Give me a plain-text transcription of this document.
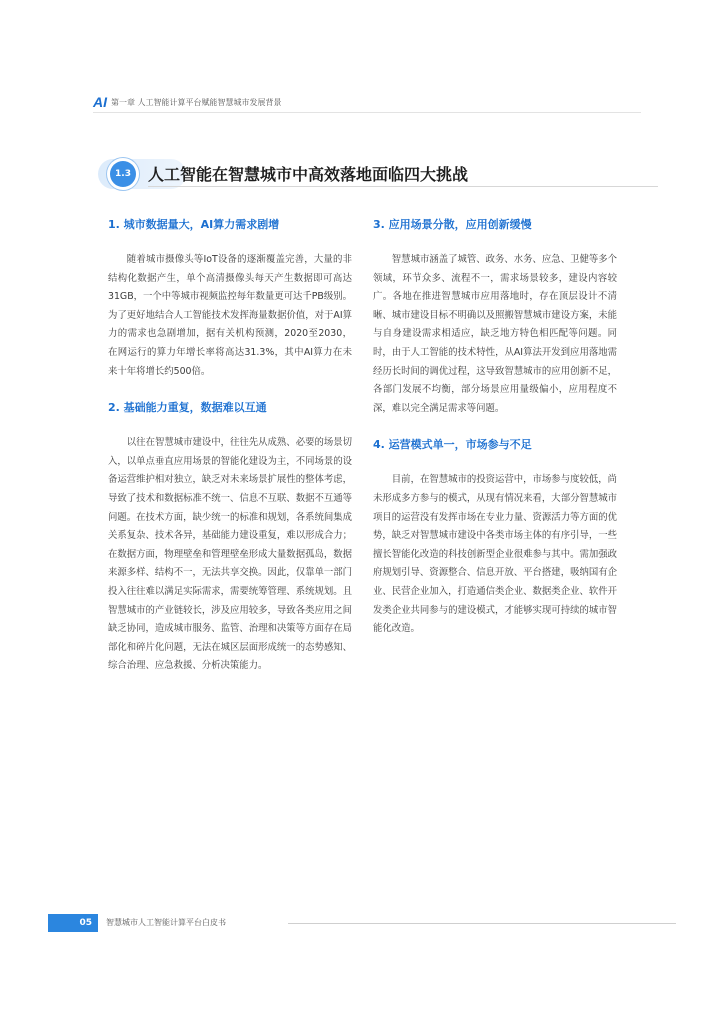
AI 第一章 人工智能计算平台赋能智慧城市发展背景
1.3	人工智能在智慧城市中高效落地面临四大挑战
1. 城市数据量大，AI算力需求剧增

随着城市摄像头等IoT设备的逐渐覆盖完善，大量的非结构化数据产生，单个高清摄像头每天产生数据即可高达31GB，一个中等城市视频监控每年数量更可达千PB级别。为了更好地结合人工智能技术发挥海量数据价值，对于AI算力的需求也急剧增加，据有关机构预测，2020至2030，在网运行的算力年增长率将高达31.3%，其中AI算力在未来十年将增长约500倍。

2. 基础能力重复，数据难以互通

以往在智慧城市建设中，往往先从成熟、必要的场景切入，以单点垂直应用场景的智能化建设为主，不同场景的设备运营维护相对独立，缺乏对未来场景扩展性的整体考虑，导致了技术和数据标准不统一、信息不互联、数据不互通等问题。在技术方面，缺少统一的标准和规划，各系统间集成关系复杂、技术各异，基础能力建设重复，难以形成合力；在数据方面，物理壁垒和管理壁垒形成大量数据孤岛，数据来源多样、结构不一，无法共享交换。因此，仅靠单一部门投入往往难以满足实际需求，需要统筹管理、系统规划。且智慧城市的产业链较长，涉及应用较多，导致各类应用之间缺乏协同，造成城市服务、监管、治理和决策等方面存在局部化和碎片化问题，无法在城区层面形成统一的态势感知、综合治理、应急救援、分析决策能力。

3. 应用场景分散，应用创新缓慢

智慧城市涵盖了城管、政务、水务、应急、卫健等多个领域，环节众多、流程不一，需求场景较多，建设内容较广。各地在推进智慧城市应用落地时，存在顶层设计不清晰、城市建设目标不明确以及照搬智慧城市建设方案，未能与自身建设需求相适应，缺乏地方特色相匹配等问题。同时，由于人工智能的技术特性，从AI算法开发到应用落地需经历长时间的调优过程，这导致智慧城市的应用创新不足，各部门发展不均衡，部分场景应用量级偏小，应用程度不深，难以完全满足需求等问题。

4. 运营模式单一，市场参与不足

目前，在智慧城市的投资运营中，市场参与度较低，尚未形成多方参与的模式，从现有情况来看，大部分智慧城市项目的运营没有发挥市场在专业力量、资源活力等方面的优势，缺乏对智慧城市建设中各类市场主体的有序引导，一些擅长智能化改造的科技创新型企业很难参与其中。需加强政府规划引导、资源整合、信息开放、平台搭建，吸纳国有企业、民营企业加入，打造通信类企业、数据类企业、软件开发类企业共同参与的建设模式，才能够实现可持续的城市智能化改造。

05	智慧城市人工智能计算平台白皮书
